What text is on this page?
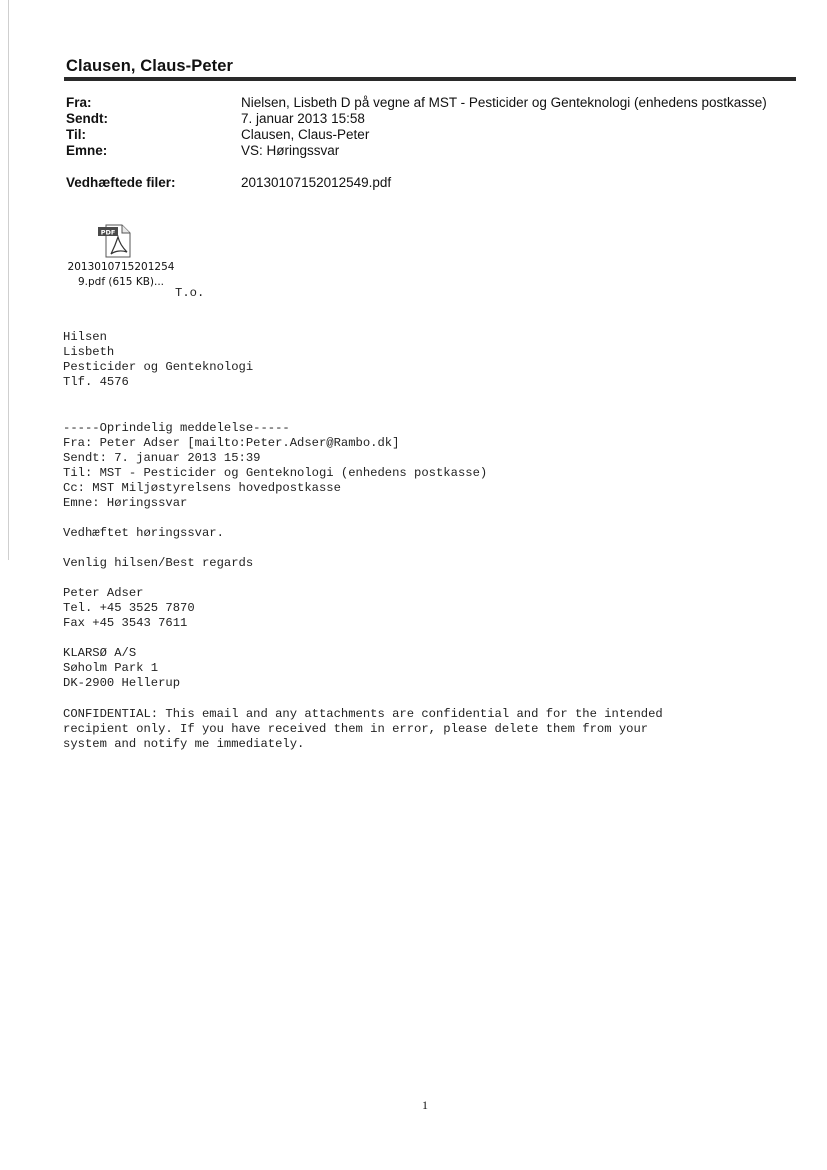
Clausen, Claus-Peter
Fra:	Nielsen, Lisbeth D på vegne af MST - Pesticider og Genteknologi (enhedens postkasse)
Sendt:	7. januar 2013 15:58
Til:	Clausen, Claus-Peter
Emne:	VS: Høringssvar
Vedhæftede filer:	20130107152012549.pdf
PDF
2013010715201254
9.pdf (615 KB)...
T.o.
Hilsen
Lisbeth
Pesticider og Genteknologi
Tlf. 4576
-----Oprindelig meddelelse-----
Fra: Peter Adser [mailto:Peter.Adser@Rambo.dk]
Sendt: 7. januar 2013 15:39
Til: MST - Pesticider og Genteknologi (enhedens postkasse)
Cc: MST Miljøstyrelsens hovedpostkasse
Emne: Høringssvar
Vedhæftet høringssvar.
Venlig hilsen/Best regards
Peter Adser
Tel. +45 3525 7870
Fax +45 3543 7611
KLARSØ A/S
Søholm Park 1
DK-2900 Hellerup
CONFIDENTIAL: This email and any attachments are confidential and for the intended
recipient only. If you have received them in error, please delete them from your
system and notify me immediately.
1
